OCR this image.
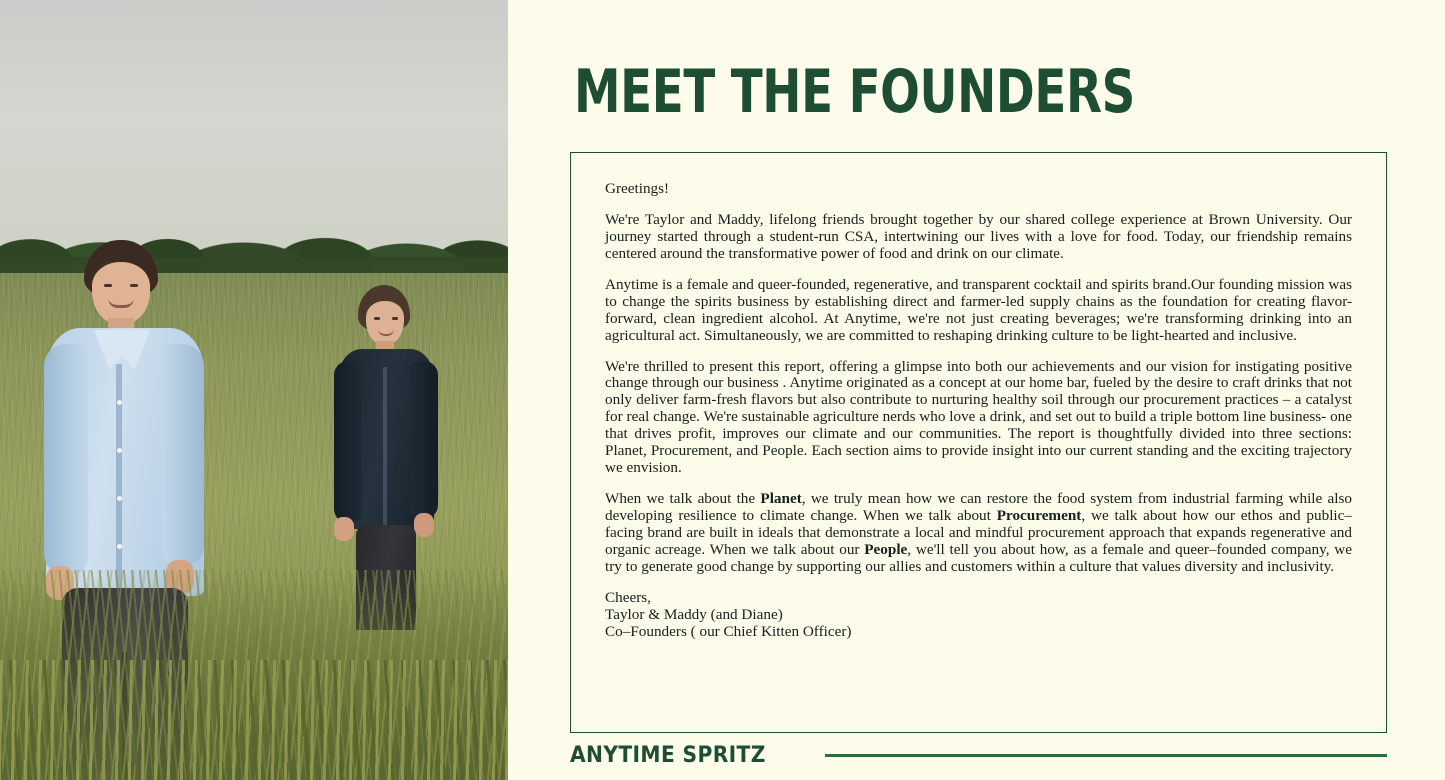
MEET THE FOUNDERS

Greetings!

We're Taylor and Maddy, lifelong friends brought together by our shared college experience at Brown University. Our journey started through a student-run CSA, intertwining our lives with a love for food. Today, our friendship remains centered around the transformative power of food and drink on our climate.

Anytime is a female and queer-founded, regenerative, and transparent cocktail and spirits brand.Our founding mission was to change the spirits business by establishing direct and farmer-led supply chains as the foundation for creating flavor-forward, clean ingredient alcohol. At Anytime, we're not just creating beverages; we're transforming drinking into an agricultural act. Simultaneously, we are committed to reshaping drinking culture to be light-hearted and inclusive.

We're thrilled to present this report, offering a glimpse into both our achievements and our vision for instigating positive change through our business . Anytime originated as a concept at our home bar, fueled by the desire to craft drinks that not only deliver farm-fresh flavors but also contribute to nurturing healthy soil through our procurement practices – a catalyst for real change. We're sustainable agriculture nerds who love a drink, and set out to build a triple bottom line business- one that drives profit, improves our climate and our communities. The report is thoughtfully divided into three sections: Planet, Procurement, and People. Each section aims to provide insight into our current standing and the exciting trajectory we envision.

When we talk about the Planet, we truly mean how we can restore the food system from industrial farming while also developing resilience to climate change. When we talk about Procurement, we talk about how our ethos and public–facing brand are built in ideals that demonstrate a local and mindful procurement approach that expands regenerative and organic acreage. When we talk about our People, we'll tell you about how, as a female and queer–founded company, we try to generate good change by supporting our allies and customers within a culture that values diversity and inclusivity.

Cheers,

Taylor & Maddy (and Diane)

Co–Founders ( our Chief Kitten Officer)

ANYTIME SPRITZ
